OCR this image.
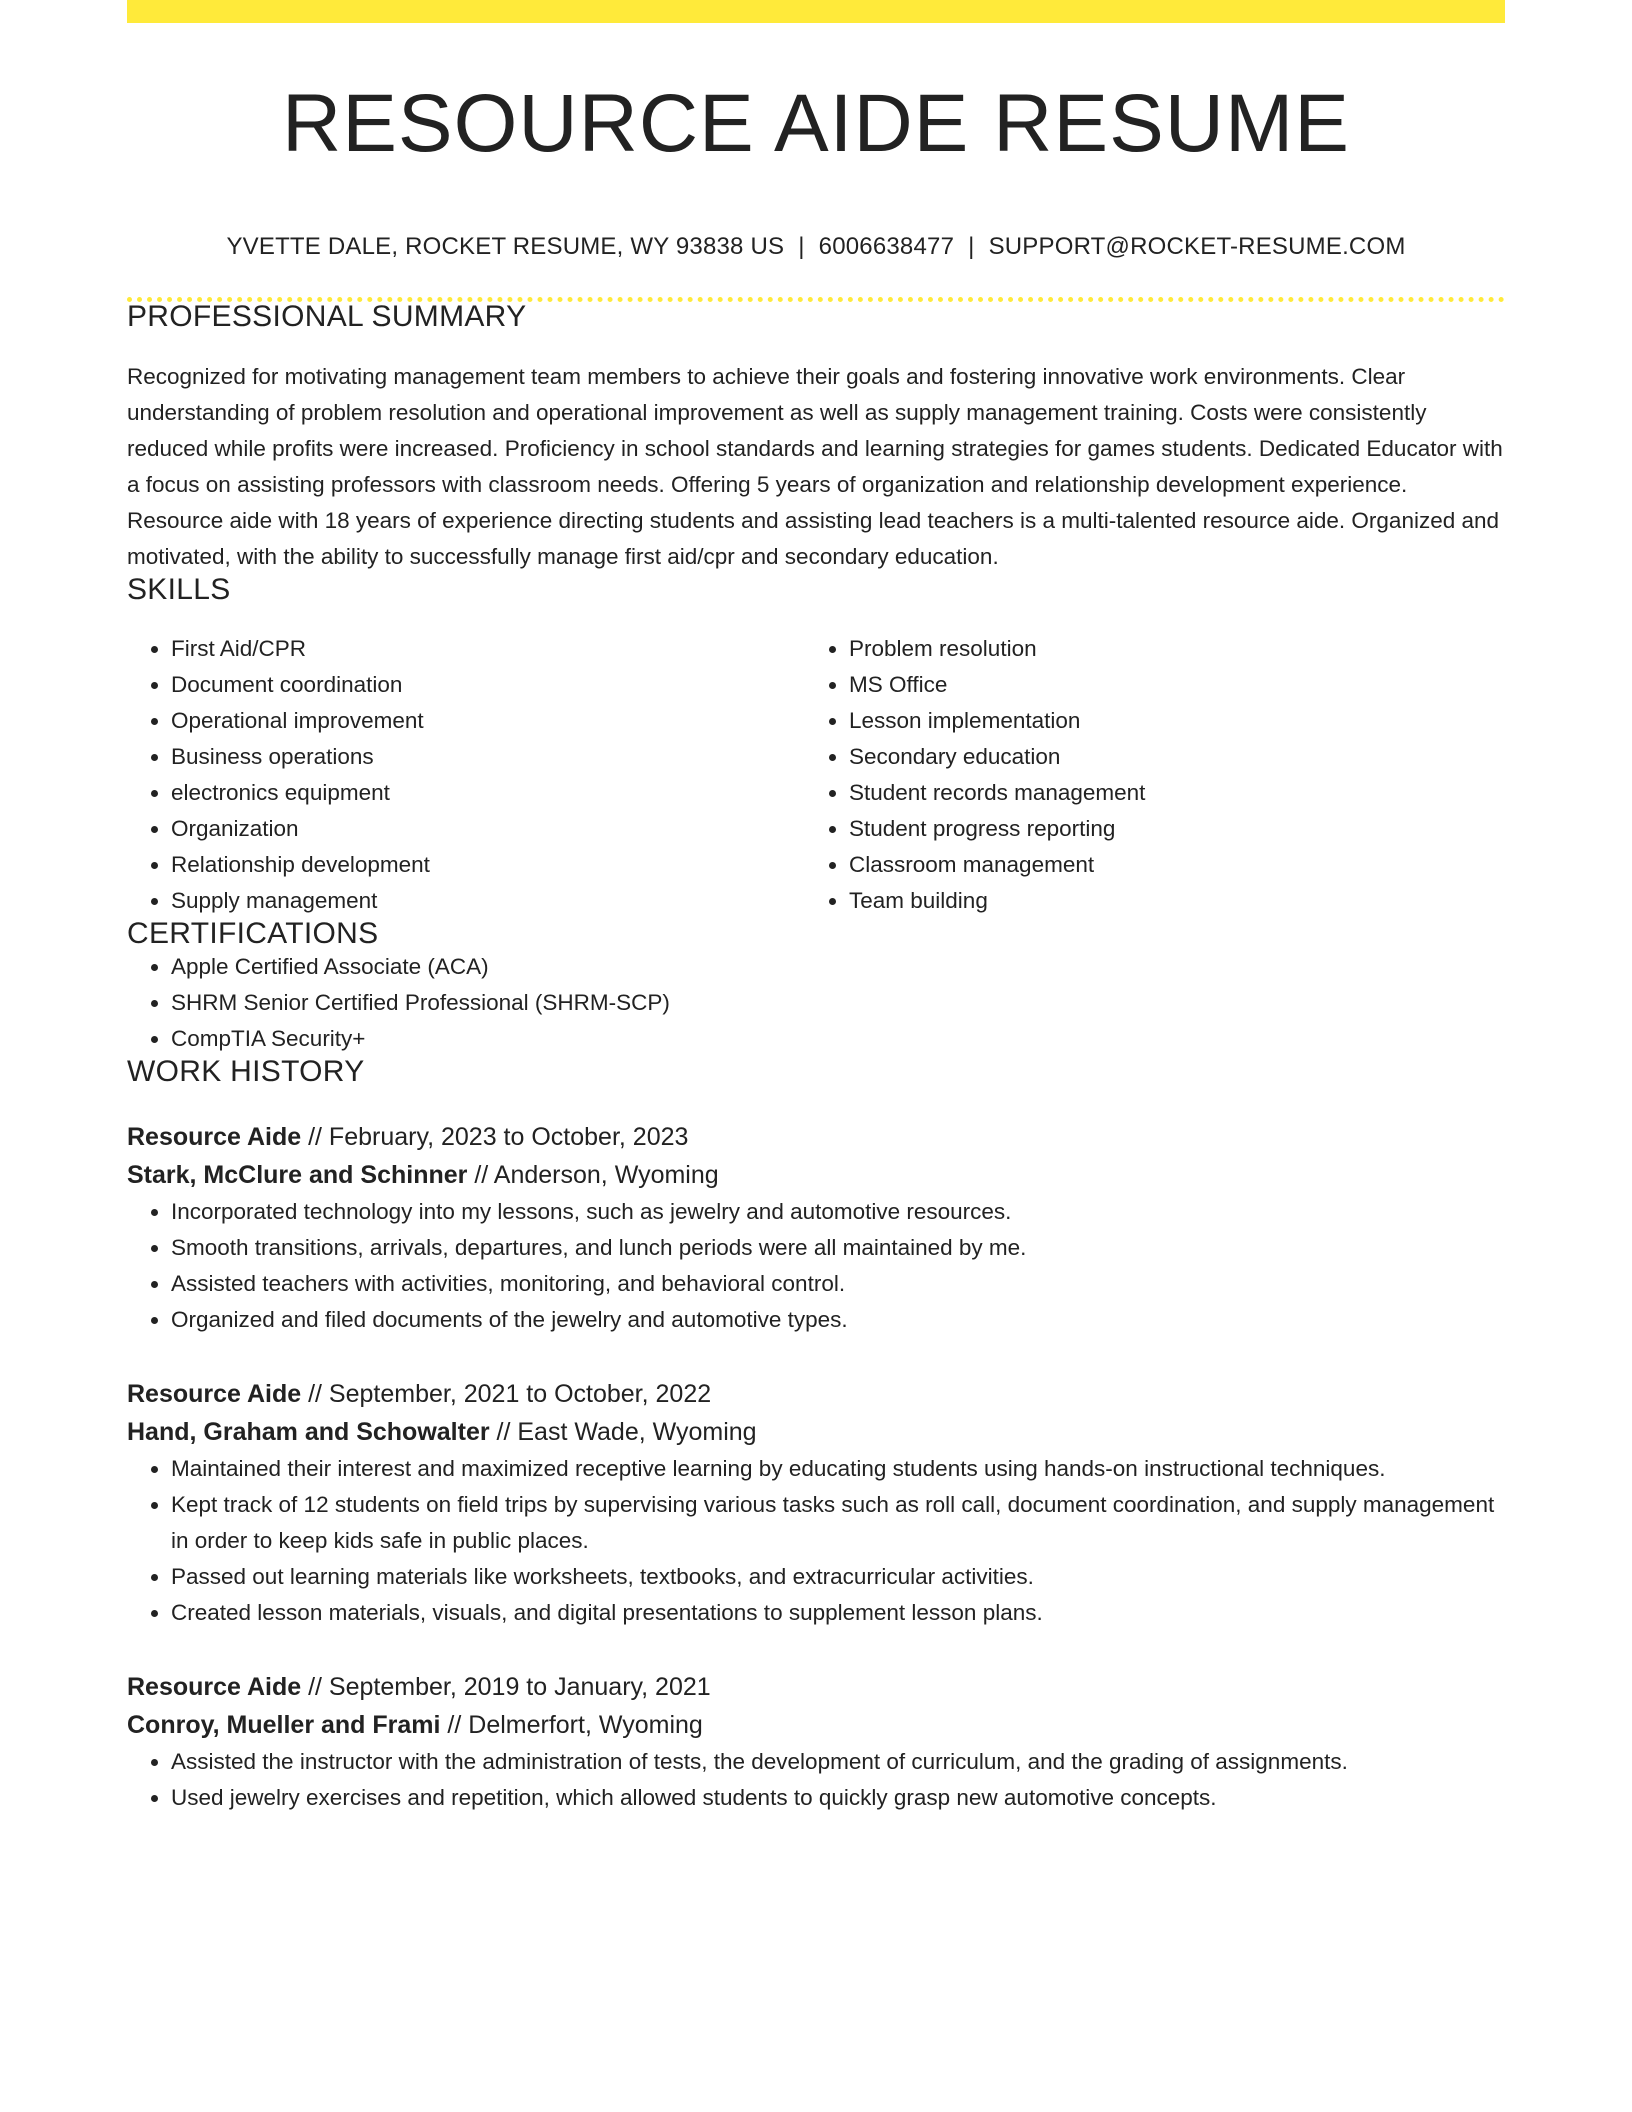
RESOURCE AIDE RESUME
YVETTE DALE, ROCKET RESUME, WY 93838 US | 6006638477 | SUPPORT@ROCKET-RESUME.COM
PROFESSIONAL SUMMARY

Recognized for motivating management team members to achieve their goals and fostering innovative work environments. Clear understanding of problem resolution and operational improvement as well as supply management training. Costs were consistently reduced while profits were increased. Proficiency in school standards and learning strategies for games students. Dedicated Educator with a focus on assisting professors with classroom needs. Offering 5 years of organization and relationship development experience. Resource aide with 18 years of experience directing students and assisting lead teachers is a multi-talented resource aide. Organized and motivated, with the ability to successfully manage first aid/cpr and secondary education.

SKILLS
• First Aid/CPR
• Document coordination
• Operational improvement
• Business operations
• electronics equipment
• Organization
• Relationship development
• Supply management
• Problem resolution
• MS Office
• Lesson implementation
• Secondary education
• Student records management
• Student progress reporting
• Classroom management
• Team building
CERTIFICATIONS
• Apple Certified Associate (ACA)
• SHRM Senior Certified Professional (SHRM-SCP)
• CompTIA Security+
WORK HISTORY
Resource Aide // February, 2023 to October, 2023
Stark, McClure and Schinner // Anderson, Wyoming
• Incorporated technology into my lessons, such as jewelry and automotive resources.
• Smooth transitions, arrivals, departures, and lunch periods were all maintained by me.
• Assisted teachers with activities, monitoring, and behavioral control.
• Organized and filed documents of the jewelry and automotive types.
Resource Aide // September, 2021 to October, 2022
Hand, Graham and Schowalter // East Wade, Wyoming
• Maintained their interest and maximized receptive learning by educating students using hands-on instructional techniques.
• Kept track of 12 students on field trips by supervising various tasks such as roll call, document coordination, and supply management in order to keep kids safe in public places.
• Passed out learning materials like worksheets, textbooks, and extracurricular activities.
• Created lesson materials, visuals, and digital presentations to supplement lesson plans.
Resource Aide // September, 2019 to January, 2021
Conroy, Mueller and Frami // Delmerfort, Wyoming
• Assisted the instructor with the administration of tests, the development of curriculum, and the grading of assignments.
• Used jewelry exercises and repetition, which allowed students to quickly grasp new automotive concepts.
